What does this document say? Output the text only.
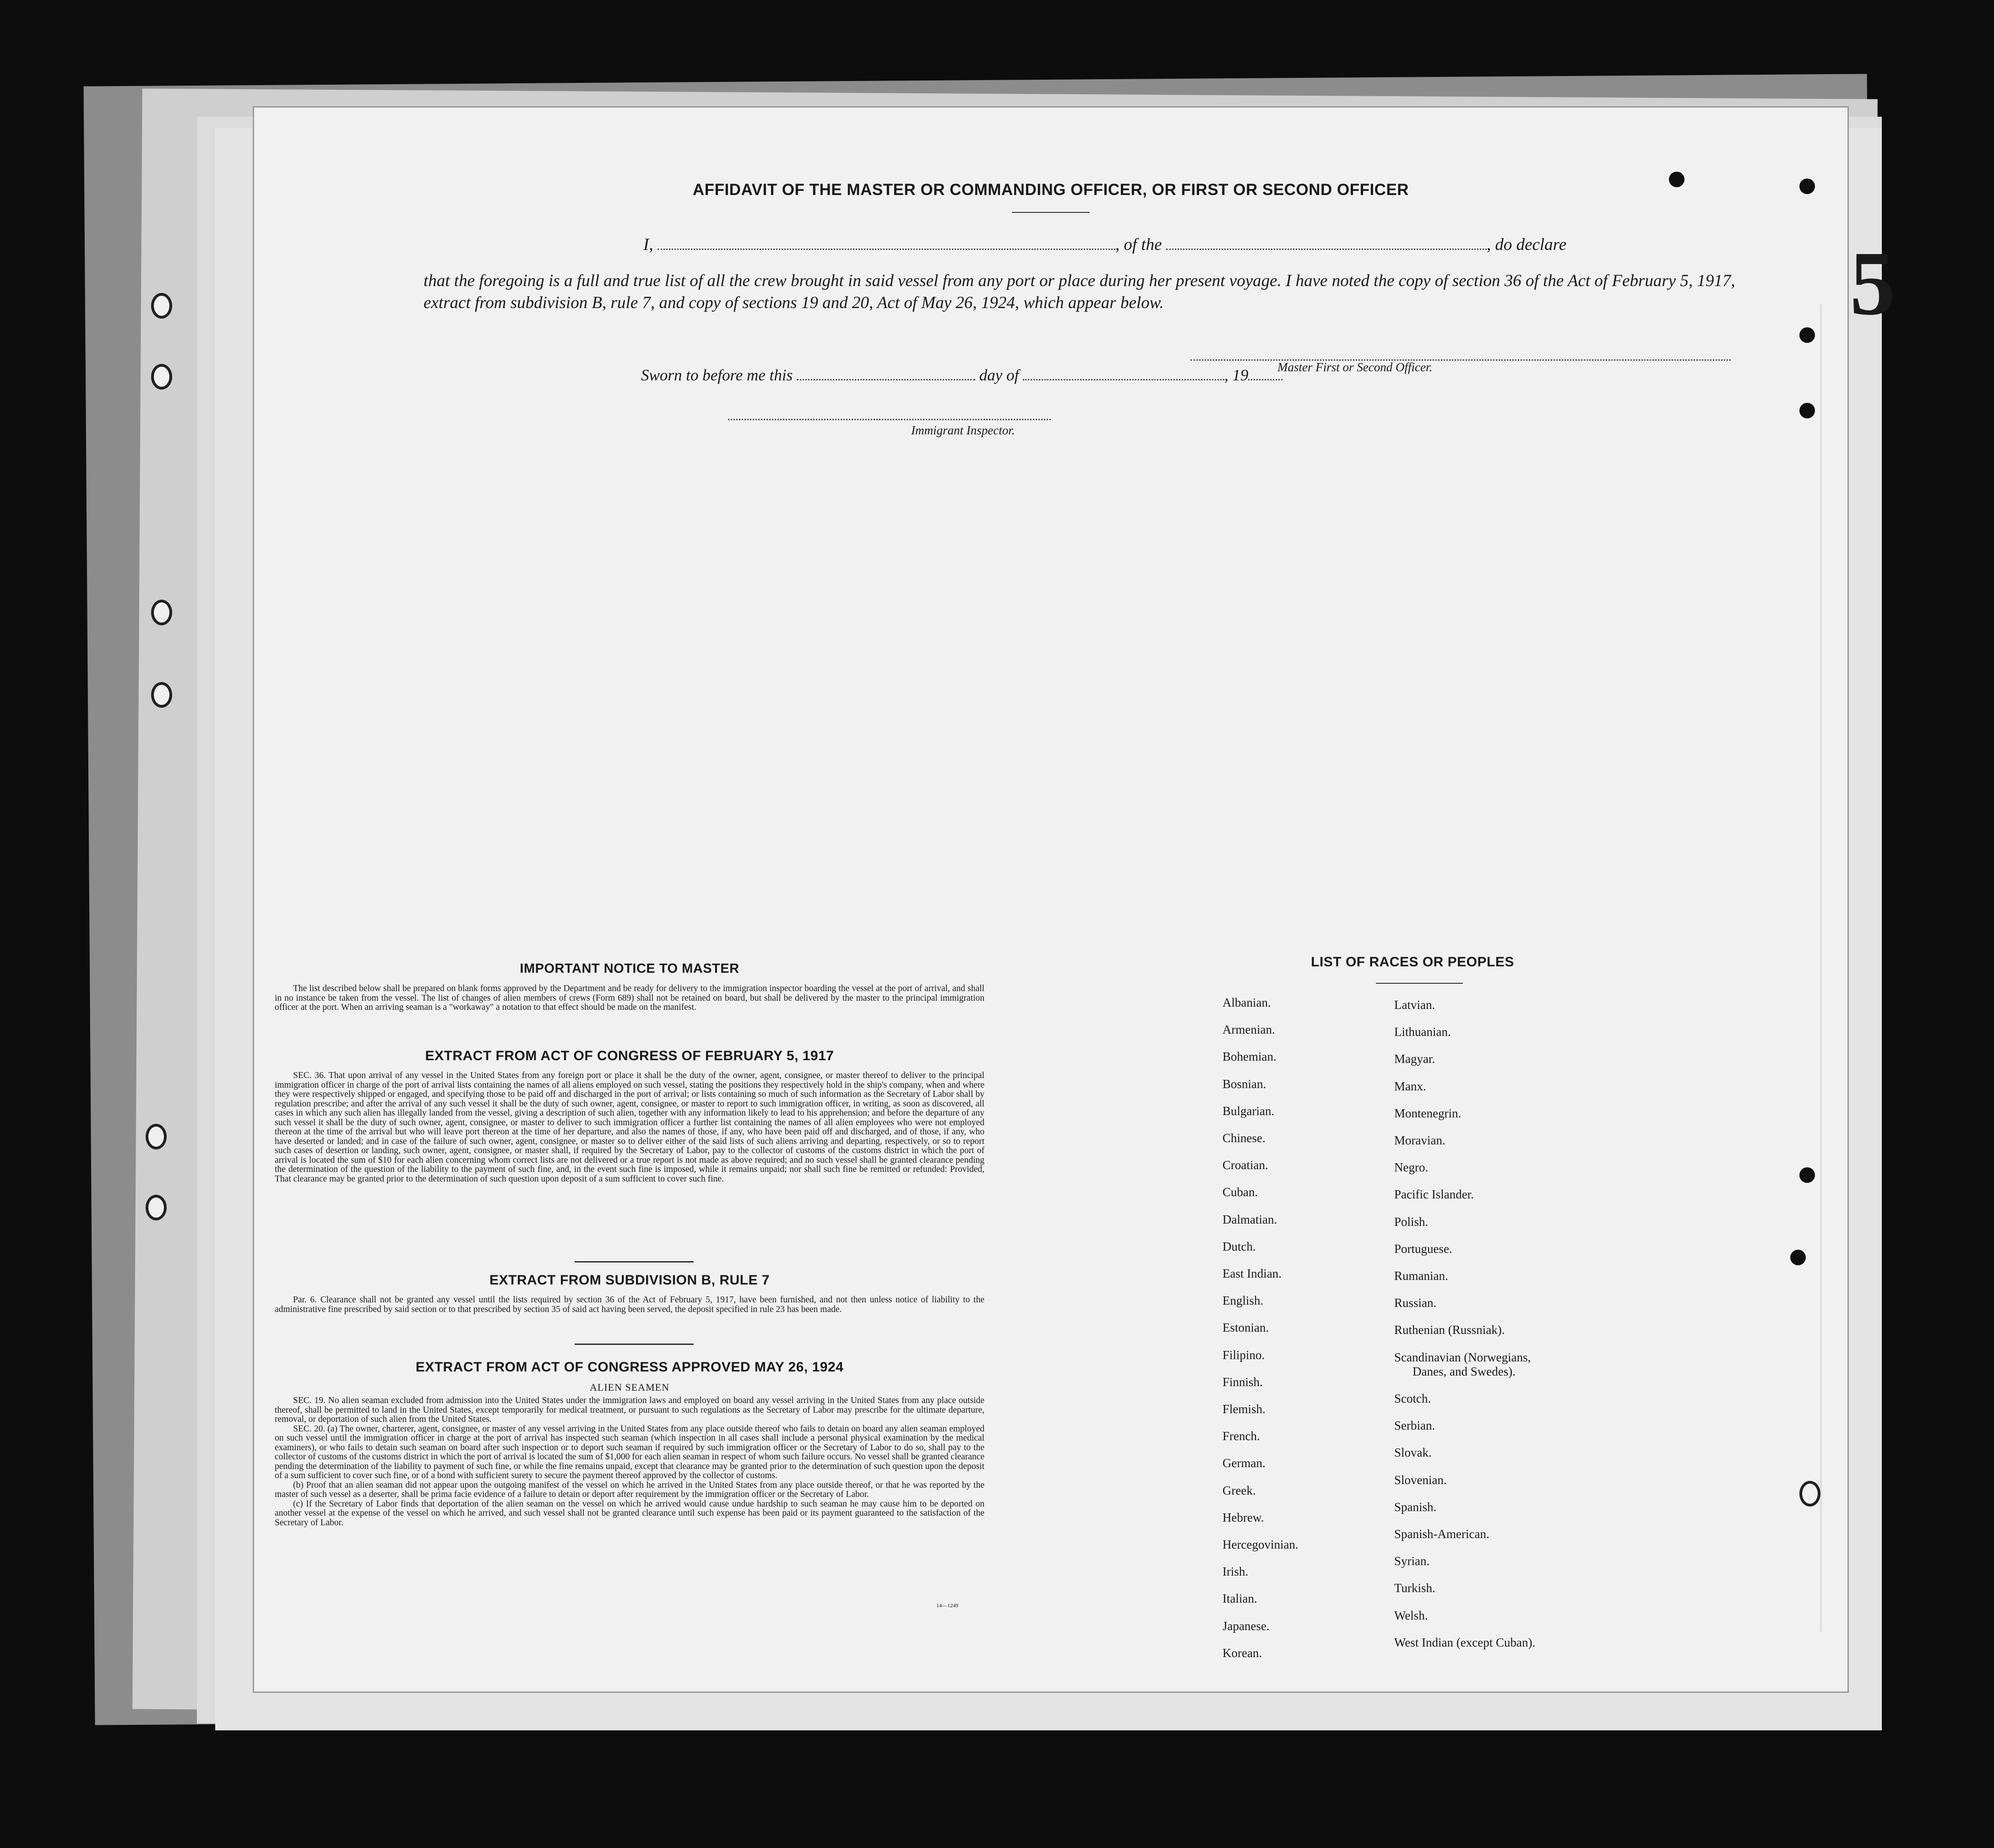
5
AFFIDAVIT OF THE MASTER OR COMMANDING OFFICER, OR FIRST OR SECOND OFFICER
I,	, of the	, do declare
that the foregoing is a full and true list of all the crew brought in said vessel from any port or place during her present voyage. I have noted the copy of section 36 of the Act of February 5, 1917, extract from subdivision B, rule 7, and copy of sections 19 and 20, Act of May 26, 1924, which appear below.
Master First or Second Officer.
Sworn to before me this	day of	, 19
Immigrant Inspector.
IMPORTANT NOTICE TO MASTER

The list described below shall be prepared on blank forms approved by the Department and be ready for delivery to the immigration inspector boarding the vessel at the port of arrival, and shall in no instance be taken from the vessel. The list of changes of alien members of crews (Form 689) shall not be retained on board, but shall be delivered by the master to the principal immigration officer at the port. When an arriving seaman is a "workaway" a notation to that effect should be made on the manifest.

EXTRACT FROM ACT OF CONGRESS OF FEBRUARY 5, 1917

SEC. 36. That upon arrival of any vessel in the United States from any foreign port or place it shall be the duty of the owner, agent, consignee, or master thereof to deliver to the principal immigration officer in charge of the port of arrival lists containing the names of all aliens employed on such vessel, stating the positions they respectively hold in the ship's company, when and where they were respectively shipped or engaged, and specifying those to be paid off and discharged in the port of arrival; or lists containing so much of such information as the Secretary of Labor shall by regulation prescribe; and after the arrival of any such vessel it shall be the duty of such owner, agent, consignee, or master to report to such immigration officer, in writing, as soon as discovered, all cases in which any such alien has illegally landed from the vessel, giving a description of such alien, together with any information likely to lead to his apprehension; and before the departure of any such vessel it shall be the duty of such owner, agent, consignee, or master to deliver to such immigration officer a further list containing the names of all alien employees who were not employed thereon at the time of the arrival but who will leave port thereon at the time of her departure, and also the names of those, if any, who have been paid off and discharged, and of those, if any, who have deserted or landed; and in case of the failure of such owner, agent, consignee, or master so to deliver either of the said lists of such aliens arriving and departing, respectively, or so to report such cases of desertion or landing, such owner, agent, consignee, or master shall, if required by the Secretary of Labor, pay to the collector of customs of the customs district in which the port of arrival is located the sum of $10 for each alien concerning whom correct lists are not delivered or a true report is not made as above required; and no such vessel shall be granted clearance pending the determination of the question of the liability to the payment of such fine, and, in the event such fine is imposed, while it remains unpaid; nor shall such fine be remitted or refunded: Provided, That clearance may be granted prior to the determination of such question upon deposit of a sum sufficient to cover such fine.

EXTRACT FROM SUBDIVISION B, RULE 7

Par. 6. Clearance shall not be granted any vessel until the lists required by section 36 of the Act of February 5, 1917, have been furnished, and not then unless notice of liability to the administrative fine prescribed by said section or to that prescribed by section 35 of said act having been served, the deposit specified in rule 23 has been made.

EXTRACT FROM ACT OF CONGRESS APPROVED MAY 26, 1924
ALIEN SEAMEN

SEC. 19. No alien seaman excluded from admission into the United States under the immigration laws and employed on board any vessel arriving in the United States from any place outside thereof, shall be permitted to land in the United States, except temporarily for medical treatment, or pursuant to such regulations as the Secretary of Labor may prescribe for the ultimate departure, removal, or deportation of such alien from the United States.

SEC. 20. (a) The owner, charterer, agent, consignee, or master of any vessel arriving in the United States from any place outside thereof who fails to detain on board any alien seaman employed on such vessel until the immigration officer in charge at the port of arrival has inspected such seaman (which inspection in all cases shall include a personal physical examination by the medical examiners), or who fails to detain such seaman on board after such inspection or to deport such seaman if required by such immigration officer or the Secretary of Labor to do so, shall pay to the collector of customs of the customs district in which the port of arrival is located the sum of $1,000 for each alien seaman in respect of whom such failure occurs. No vessel shall be granted clearance pending the determination of the liability to payment of such fine, or while the fine remains unpaid, except that clearance may be granted prior to the determination of such question upon the deposit of a sum sufficient to cover such fine, or of a bond with sufficient surety to secure the payment thereof approved by the collector of customs.

(b) Proof that an alien seaman did not appear upon the outgoing manifest of the vessel on which he arrived in the United States from any place outside thereof, or that he was reported by the master of such vessel as a deserter, shall be prima facie evidence of a failure to detain or deport after requirement by the immigration officer or the Secretary of Labor.

(c) If the Secretary of Labor finds that deportation of the alien seaman on the vessel on which he arrived would cause undue hardship to such seaman he may cause him to be deported on another vessel at the expense of the vessel on which he arrived, and such vessel shall not be granted clearance until such expense has been paid or its payment guaranteed to the satisfaction of the Secretary of Labor.

14—1249
LIST OF RACES OR PEOPLES
Albanian.
Armenian.
Bohemian.
Bosnian.
Bulgarian.
Chinese.
Croatian.
Cuban.
Dalmatian.
Dutch.
East Indian.
English.
Estonian.
Filipino.
Finnish.
Flemish.
French.
German.
Greek.
Hebrew.
Hercegovinian.
Irish.
Italian.
Japanese.
Korean.
Latvian.
Lithuanian.
Magyar.
Manx.
Montenegrin.
Moravian.
Negro.
Pacific Islander.
Polish.
Portuguese.
Rumanian.
Russian.
Ruthenian (Russniak).
Scandinavian (Norwegians,
Danes, and Swedes).
Scotch.
Serbian.
Slovak.
Slovenian.
Spanish.
Spanish-American.
Syrian.
Turkish.
Welsh.
West Indian (except Cuban).
